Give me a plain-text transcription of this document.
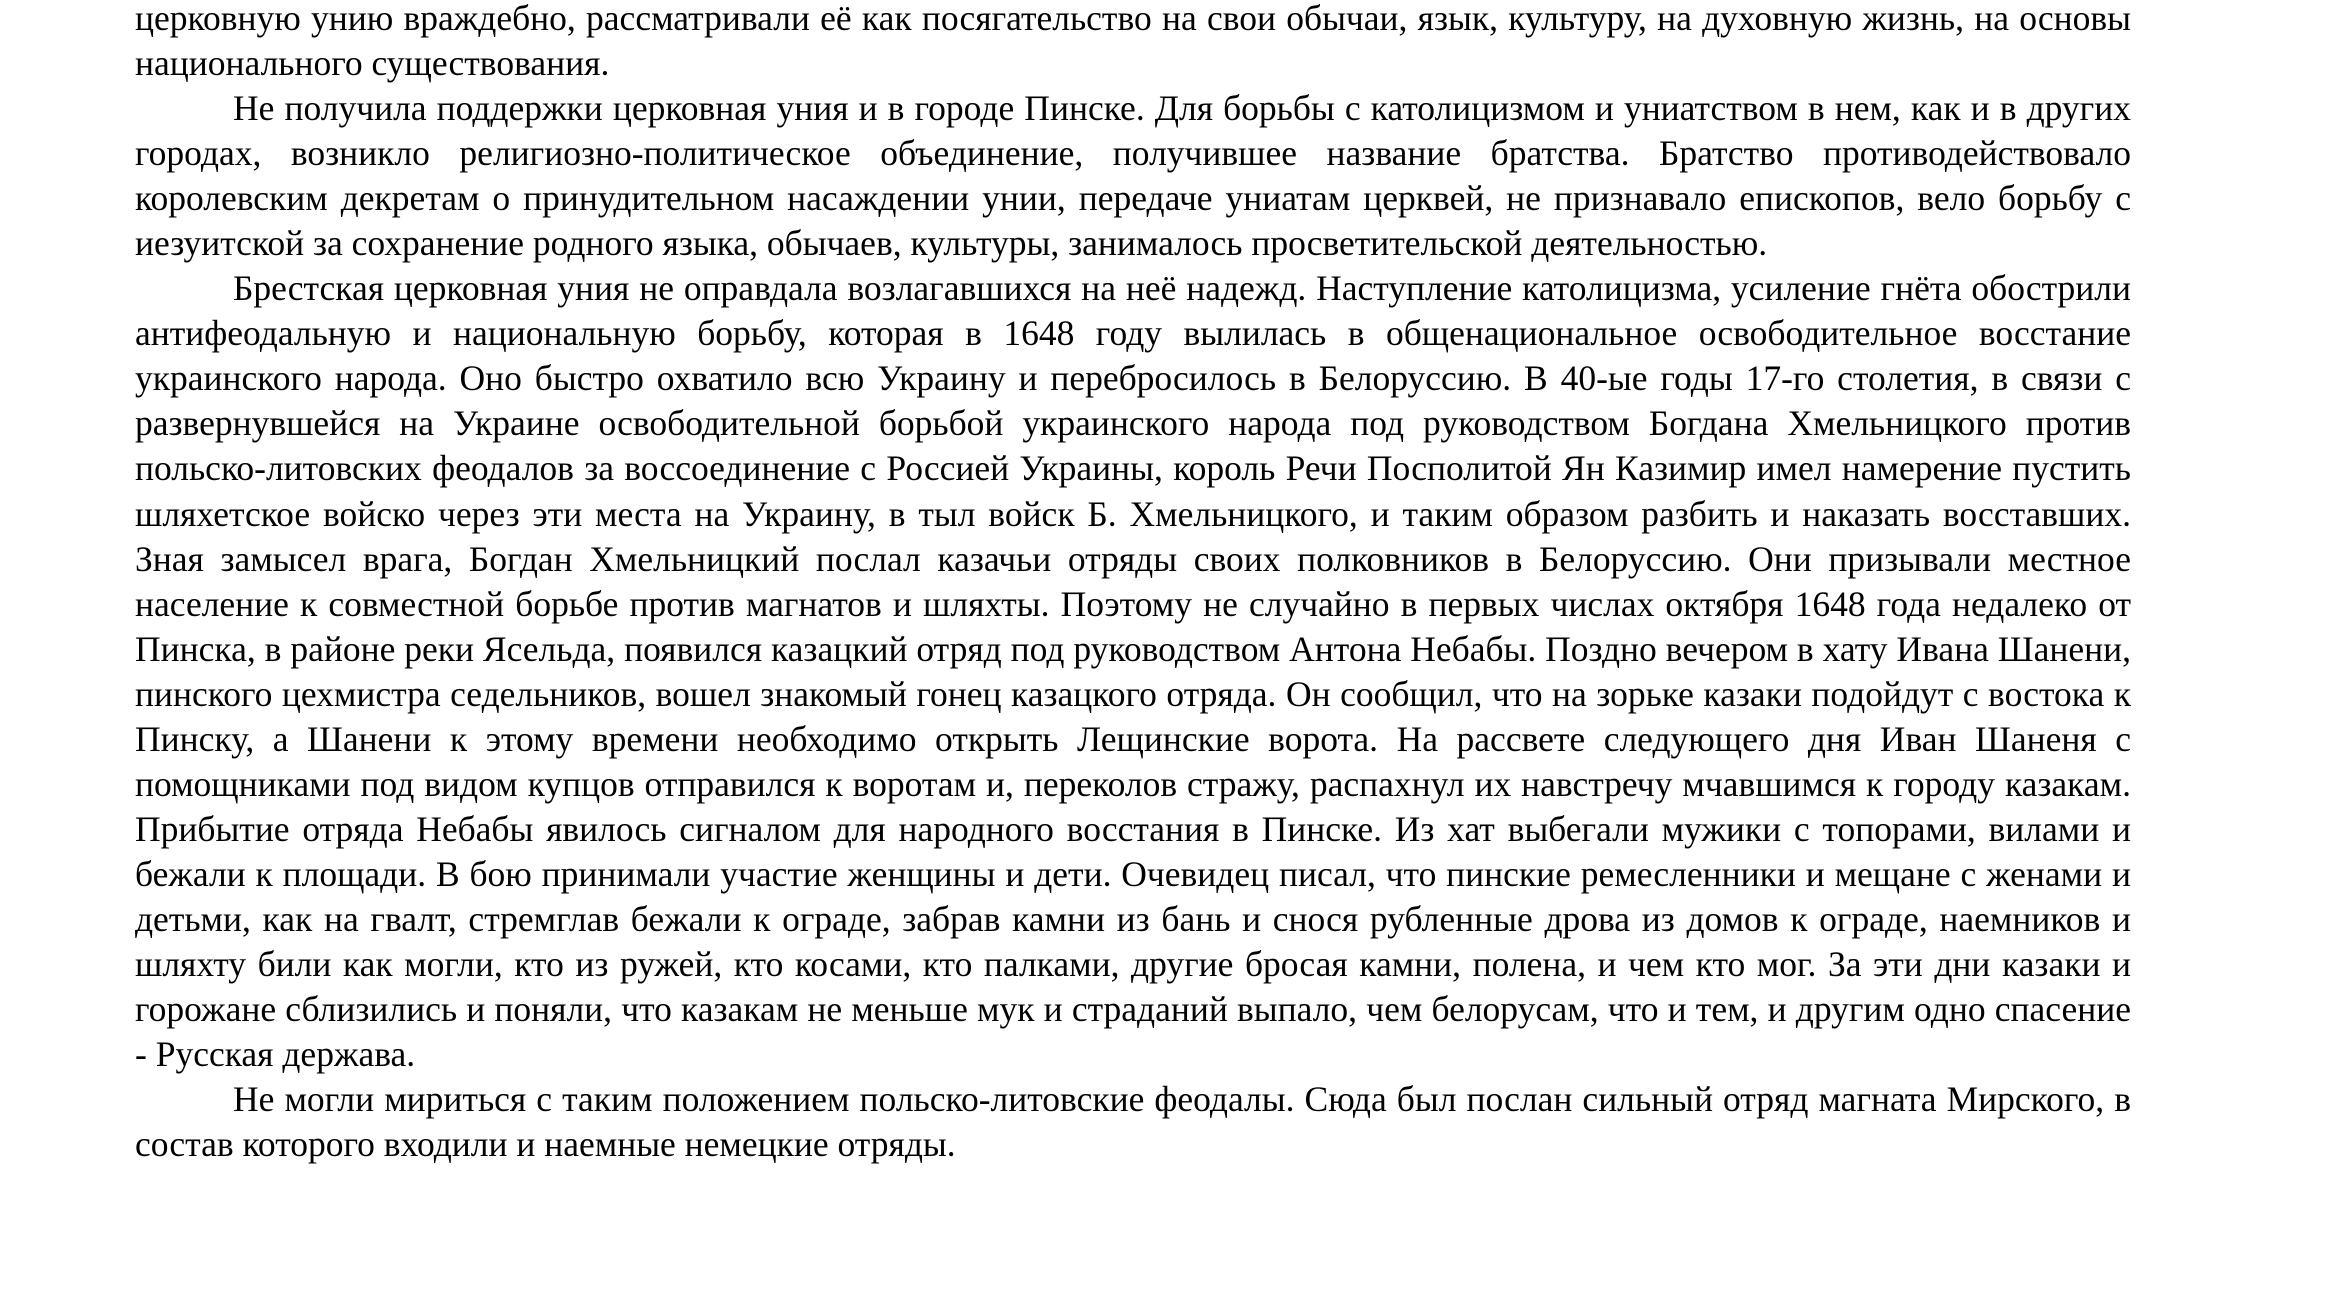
церковную унию враждебно, рассматривали её как посягательство на свои обычаи, язык, культуру, на духовную жизнь, на основы национального существования.

Не получила поддержки церковная уния и в городе Пинске. Для борьбы с католицизмом и униатством в нем, как и в других городах, возникло религиозно-политическое объединение, получившее название братства. Братство противодействовало королевским декретам о принудительном насаждении унии, передаче униатам церквей, не признавало епископов, вело борьбу с иезуитской за сохранение родного языка, обычаев, культуры, занималось просветительской деятельностью.

Брестская церковная уния не оправдала возлагавшихся на неё надежд. Наступление католицизма, усиление гнёта обострили антифеодальную и национальную борьбу, которая в 1648 году вылилась в общенациональное освободительное восстание украинского народа. Оно быстро охватило всю Украину и перебросилось в Белоруссию. В 40-ые годы 17-го столетия, в связи с развернувшейся на Украине освободительной борьбой украинского народа под руководством Богдана Хмельницкого против польско-литовских феодалов за воссоединение с Россией Украины, король Речи Посполитой Ян Казимир имел намерение пустить шляхетское войско через эти места на Украину, в тыл войск Б. Хмельницкого, и таким образом разбить и наказать восставших. Зная замысел врага, Богдан Хмельницкий послал казачьи отряды своих полковников в Белоруссию. Они призывали местное население к совместной борьбе против магнатов и шляхты. Поэтому не случайно в первых числах октября 1648 года недалеко от Пинска, в районе реки Ясельда, появился казацкий отряд под руководством Антона Небабы. Поздно вечером в хату Ивана Шанени, пинского цехмистра седельников, вошел знакомый гонец казацкого отряда. Он сообщил, что на зорьке казаки подойдут с востока к Пинску, а Шанени к этому времени необходимо открыть Лещинские ворота. На рассвете следующего дня Иван Шаненя с помощниками под видом купцов отправился к воротам и, переколов стражу, распахнул их навстречу мчавшимся к городу казакам. Прибытие отряда Небабы явилось сигналом для народного восстания в Пинске. Из хат выбегали мужики с топорами, вилами и бежали к площади. В бою принимали участие женщины и дети. Очевидец писал, что пинские ремесленники и мещане с женами и детьми, как на гвалт, стремглав бежали к ограде, забрав камни из бань и снося рубленные дрова из домов к ограде, наемников и шляхту били как могли, кто из ружей, кто косами, кто палками, другие бросая камни, полена, и чем кто мог. За эти дни казаки и горожане сблизились и поняли, что казакам не меньше мук и страданий выпало, чем белорусам, что и тем, и другим одно спасение - Русская держава.

Не могли мириться с таким положением польско-литовские феодалы. Сюда был послан сильный отряд магната Мирского, в состав которого входили и наемные немецкие отряды.
